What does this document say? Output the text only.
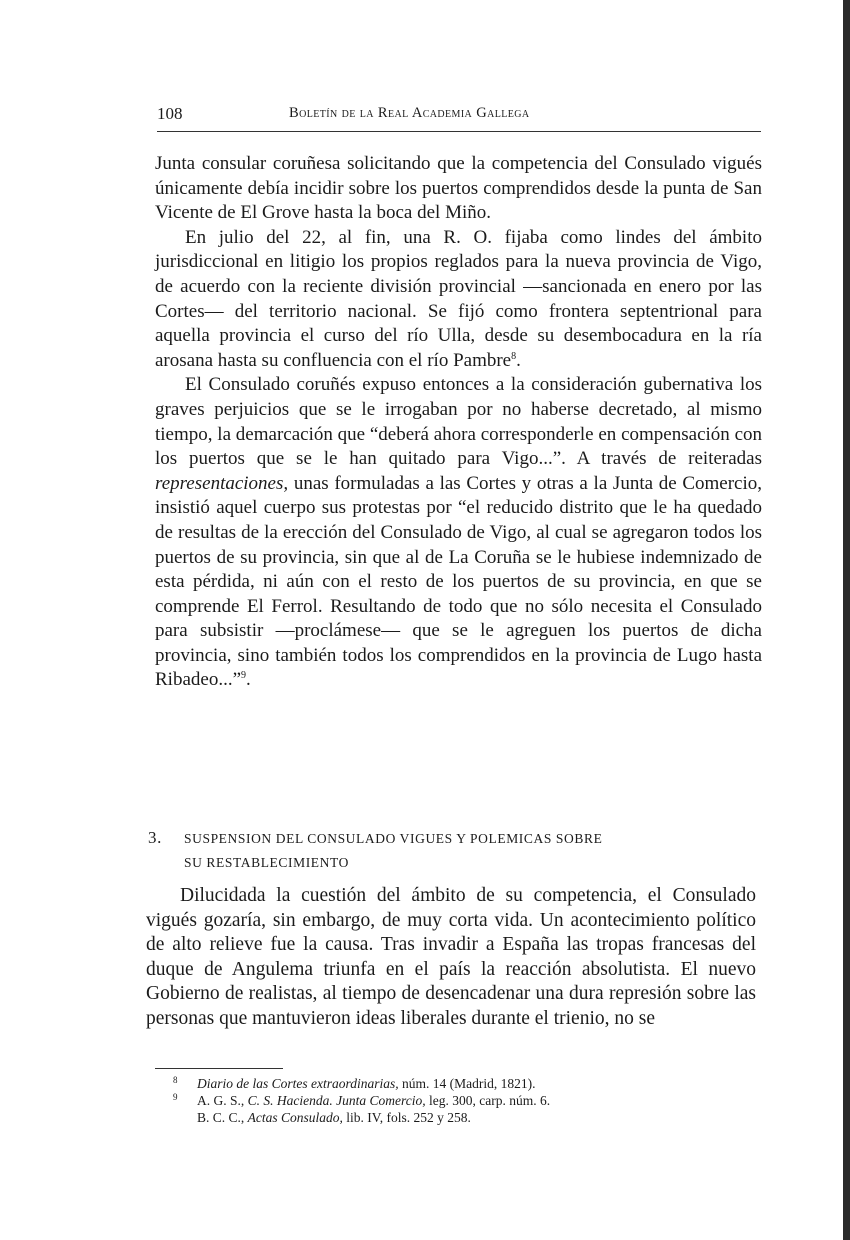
108	Boletín de la Real Academia Gallega

Junta consular coruñesa solicitando que la competencia del Consulado vigués únicamente debía incidir sobre los puertos comprendidos desde la punta de San Vicente de El Grove hasta la boca del Miño.

En julio del 22, al fin, una R. O. fijaba como lindes del ámbito jurisdiccional en litigio los propios reglados para la nueva provincia de Vigo, de acuerdo con la reciente división provincial —sancionada en enero por las Cortes— del territorio nacional. Se fijó como frontera septentrional para aquella provincia el curso del río Ulla, desde su desembocadura en la ría arosana hasta su confluencia con el río Pambre$^8$.

El Consulado coruñés expuso entonces a la consideración gubernativa los graves perjuicios que se le irrogaban por no haberse decretado, al mismo tiempo, la demarcación que “deberá ahora corresponderle en compensación con los puertos que se le han quitado para Vigo...”. A través de reiteradas representaciones, unas formuladas a las Cortes y otras a la Junta de Comercio, insistió aquel cuerpo sus protestas por “el reducido distrito que le ha quedado de resultas de la erección del Consulado de Vigo, al cual se agregaron todos los puertos de su provincia, sin que al de La Coruña se le hubiese indemnizado de esta pérdida, ni aún con el resto de los puertos de su provincia, en que se comprende El Ferrol. Resultando de todo que no sólo necesita el Consulado para subsistir —proclámese— que se le agreguen los puertos de dicha provincia, sino también todos los comprendidos en la provincia de Lugo hasta Ribadeo...”$^9$.

3. SUSPENSION DEL CONSULADO VIGUES Y POLEMICAS SOBRE
SU RESTABLECIMIENTO

Dilucidada la cuestión del ámbito de su competencia, el Consulado vigués gozaría, sin embargo, de muy corta vida. Un acontecimiento político de alto relieve fue la causa. Tras invadir a España las tropas francesas del duque de Angulema triunfa en el país la reacción absolutista. El nuevo Gobierno de realistas, al tiempo de desencadenar una dura represión sobre las personas que mantuvieron ideas liberales durante el trienio, no se

8 Diario de las Cortes extraordinarias, núm. 14 (Madrid, 1821).
9 A. G. S., C. S. Hacienda. Junta Comercio, leg. 300, carp. núm. 6.
B. C. C., Actas Consulado, lib. IV, fols. 252 y 258.
